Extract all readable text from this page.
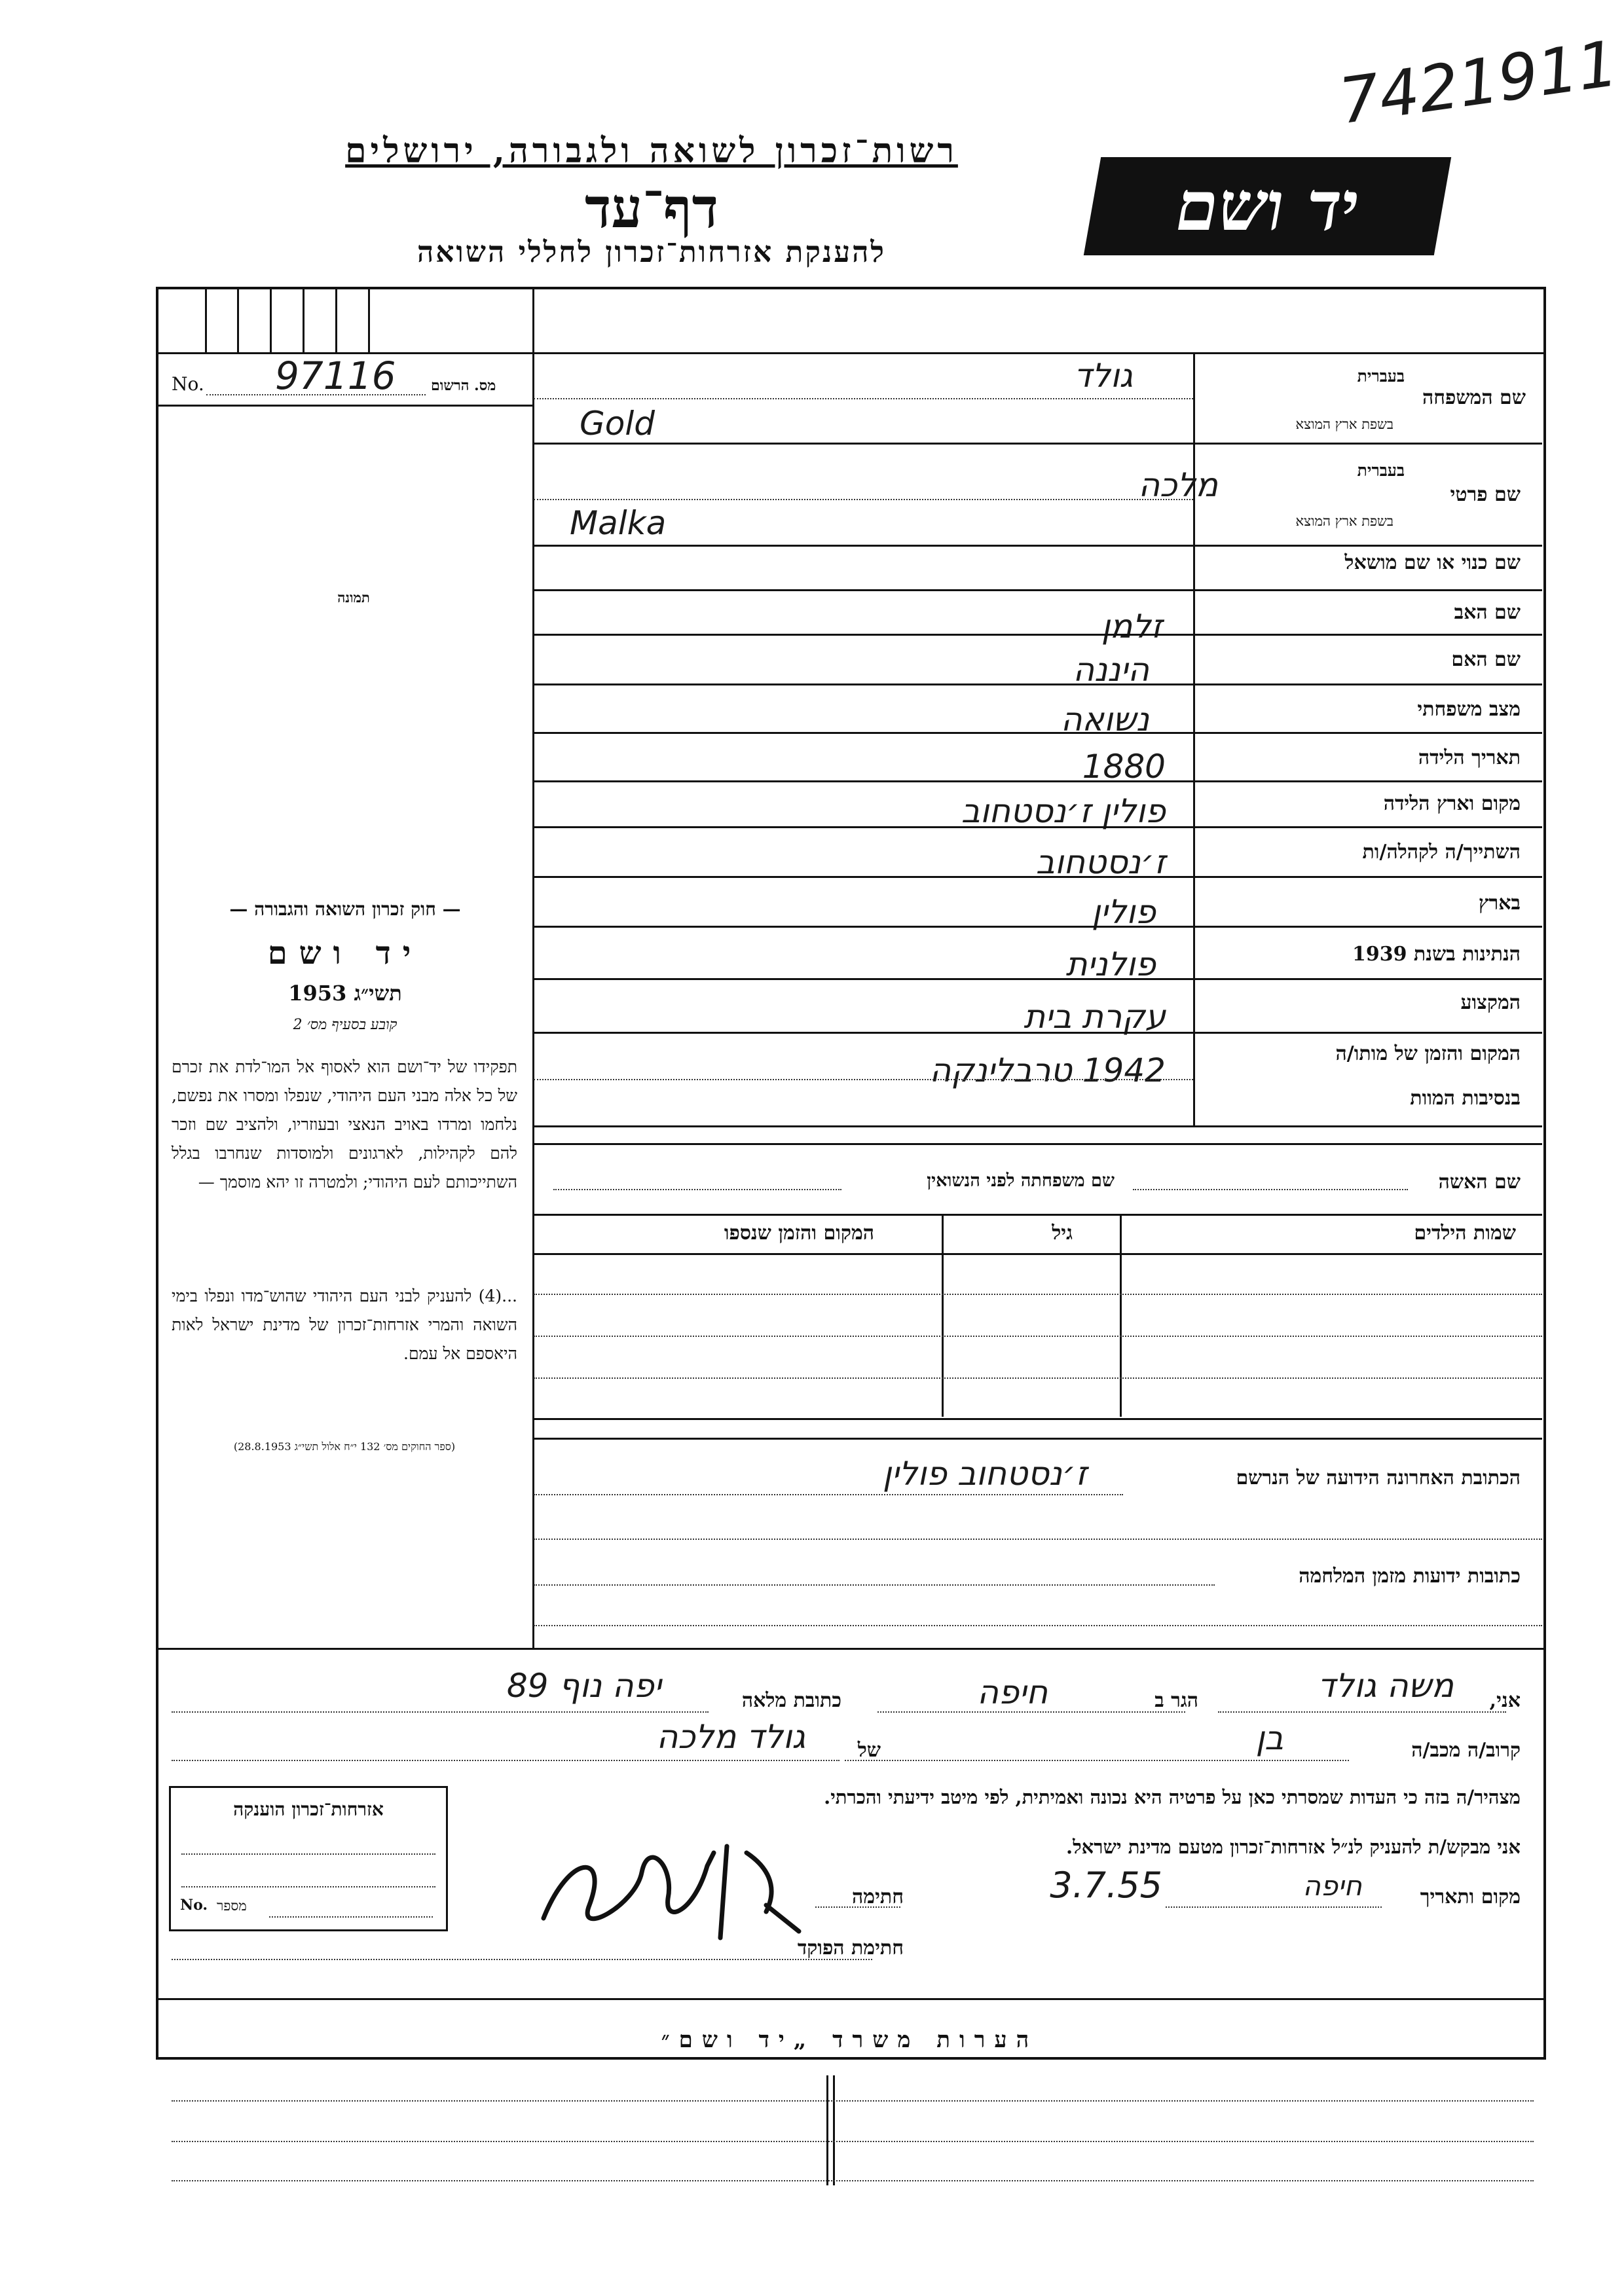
7421911
רשות־זכרון לשואה ולגבורה, ירושלים
דף־עד
להענקת אזרחות־זכרון לחללי השואה
יד ושם
No. 97116 מס. הרשום
תמונה
— חוק זכרון השואה והגבורה —
יד ושם
תשי״ג 1953
קובע בסעיף מס׳ 2
תפקידו של יד־ושם הוא לאסוף אל המו־לדת את זכרם של כל אלה מבני העם היהודי, שנפלו ומסרו את נפשם, נלחמו ומרדו באויב הנאצי ובעוזריו, ולהציב שם וזכר להם לקהילות, לארגונים ולמוסדות שנחרבו בגלל השתייכותם לעם היהודי; ולמטרה זו יהא מוסמך —
...(4) להעניק לבני העם היהודי שהוש־מדו ונפלו בימי השואה והמרי אזרחות־זכרון של מדינת ישראל לאות היאספם אל עמם.
(ספר החוקים מס׳ 132 י״ח אלול תשי״ג 28.8.1953)
שם המשפחה
בעברית
בשפת ארץ המוצא
גולד
Gold
שם פרטי
בעברית
בשפת ארץ המוצא
מלכה
Malka
שם כנוי או שם מושאל
שם האב
זלמן
שם האם
היננה
מצב משפחתי
נשואה
תאריך הלידה
1880
מקום וארץ הלידה
פולין ז׳נסטחוב
השתייך/ה לקהלה/ות
ז׳נסטחוב
בארץ
פולין
הנתינות בשנת 1939
פולנית
המקצוע
עקרת בית
המקום והזמן של מותו/ה
בנסיבות המוות
1942 טרבלינקה
שם האשה
שם משפחתה לפני הנשואין
שמות הילדים
גיל
המקום והזמן שנספו
הכתובת האחרונה הידועה של הנרשם
ז׳נסטחוב פולין
כתובות ידועות מזמן המלחמה
אני,
משה גולד
הגר ב
חיפה
כתובת מלאה
יפה נוף 89
קרוב/ה מכב/ה
בן
של
גולד מלכה
מצהיר/ה בזה כי העדות שמסרתי כאן על פרטיה היא נכונה ואמיתית, לפי מיטב ידיעתי והכרתי.
אני מבקש/ת להעניק לנ״ל אזרחות־זכרון מטעם מדינת ישראל.
מקום ותאריך
חיפה
3.7.55
חתימה
חתימת הפוקד
אזרחות־זכרון הוענקה
No. מספר
הערות משרד „יד ושם״
